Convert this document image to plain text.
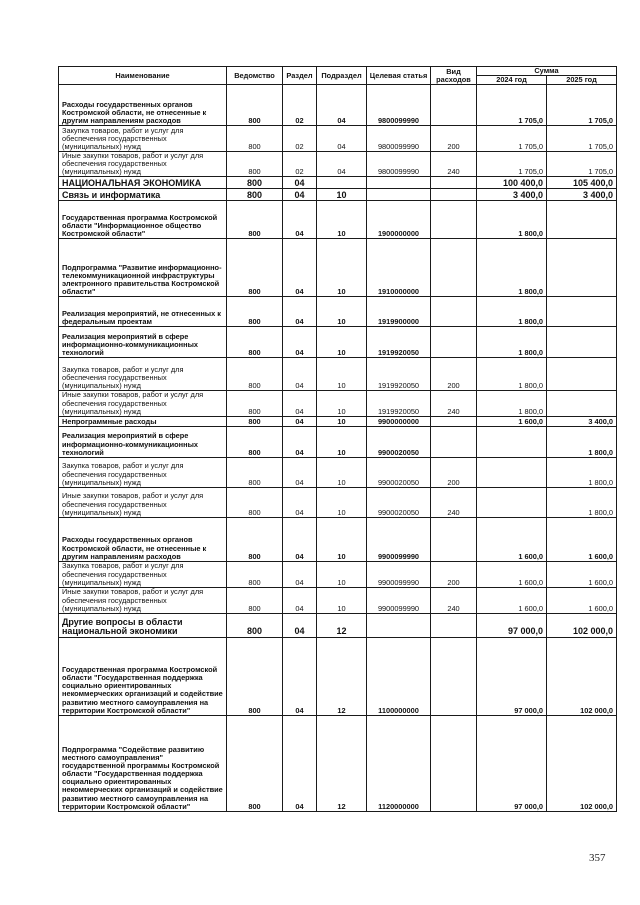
Наименование	Ведомство	Раздел	Подраздел	Целевая статья	Вид расходов	Сумма	
						2024 год	2025 год
Расходы государственных органов Костромской области, не отнесенные к другим направлениям расходов	800	02	04	9800099990		1 705,0	1 705,0
Закупка товаров, работ и услуг для обеспечения государственных (муниципальных) нужд	800	02	04	9800099990	200	1 705,0	1 705,0
Иные закупки товаров, работ и услуг для обеспечения государственных (муниципальных) нужд	800	02	04	9800099990	240	1 705,0	1 705,0
НАЦИОНАЛЬНАЯ ЭКОНОМИКА	800	04				100 400,0	105 400,0
Связь и информатика	800	04	10			3 400,0	3 400,0
Государственная программа Костромской области "Информационное общество Костромской области"	800	04	10	1900000000		1 800,0	
Подпрограмма "Развитие информационно-телекоммуникационной инфраструктуры электронного правительства Костромской области"	800	04	10	1910000000		1 800,0	
Реализация мероприятий, не отнесенных к федеральным проектам	800	04	10	1919900000		1 800,0	
Реализация мероприятий в сфере информационно-коммуникационных технологий	800	04	10	1919920050		1 800,0	
Закупка товаров, работ и услуг для обеспечения государственных (муниципальных) нужд	800	04	10	1919920050	200	1 800,0	
Иные закупки товаров, работ и услуг для обеспечения государственных (муниципальных) нужд	800	04	10	1919920050	240	1 800,0	
Непрограммные расходы	800	04	10	9900000000		1 600,0	3 400,0
Реализация мероприятий в сфере информационно-коммуникационных технологий	800	04	10	9900020050			1 800,0
Закупка товаров, работ и услуг для обеспечения государственных (муниципальных) нужд	800	04	10	9900020050	200		1 800,0
Иные закупки товаров, работ и услуг для обеспечения государственных (муниципальных) нужд	800	04	10	9900020050	240		1 800,0
Расходы государственных органов Костромской области, не отнесенные к другим направлениям расходов	800	04	10	9900099990		1 600,0	1 600,0
Закупка товаров, работ и услуг для обеспечения государственных (муниципальных) нужд	800	04	10	9900099990	200	1 600,0	1 600,0
Иные закупки товаров, работ и услуг для обеспечения государственных (муниципальных) нужд	800	04	10	9900099990	240	1 600,0	1 600,0
Другие вопросы в области национальной экономики	800	04	12			97 000,0	102 000,0
Государственная программа Костромской области "Государственная поддержка социально ориентированных некоммерческих организаций и содействие развитию местного самоуправления на территории Костромской области"	800	04	12	1100000000		97 000,0	102 000,0
Подпрограмма "Содействие развитию местного самоуправления" государственной программы Костромской области "Государственная поддержка социально ориентированных некоммерческих организаций и содействие развитию местного самоуправления на территории Костромской области"	800	04	12	1120000000		97 000,0	102 000,0
357
